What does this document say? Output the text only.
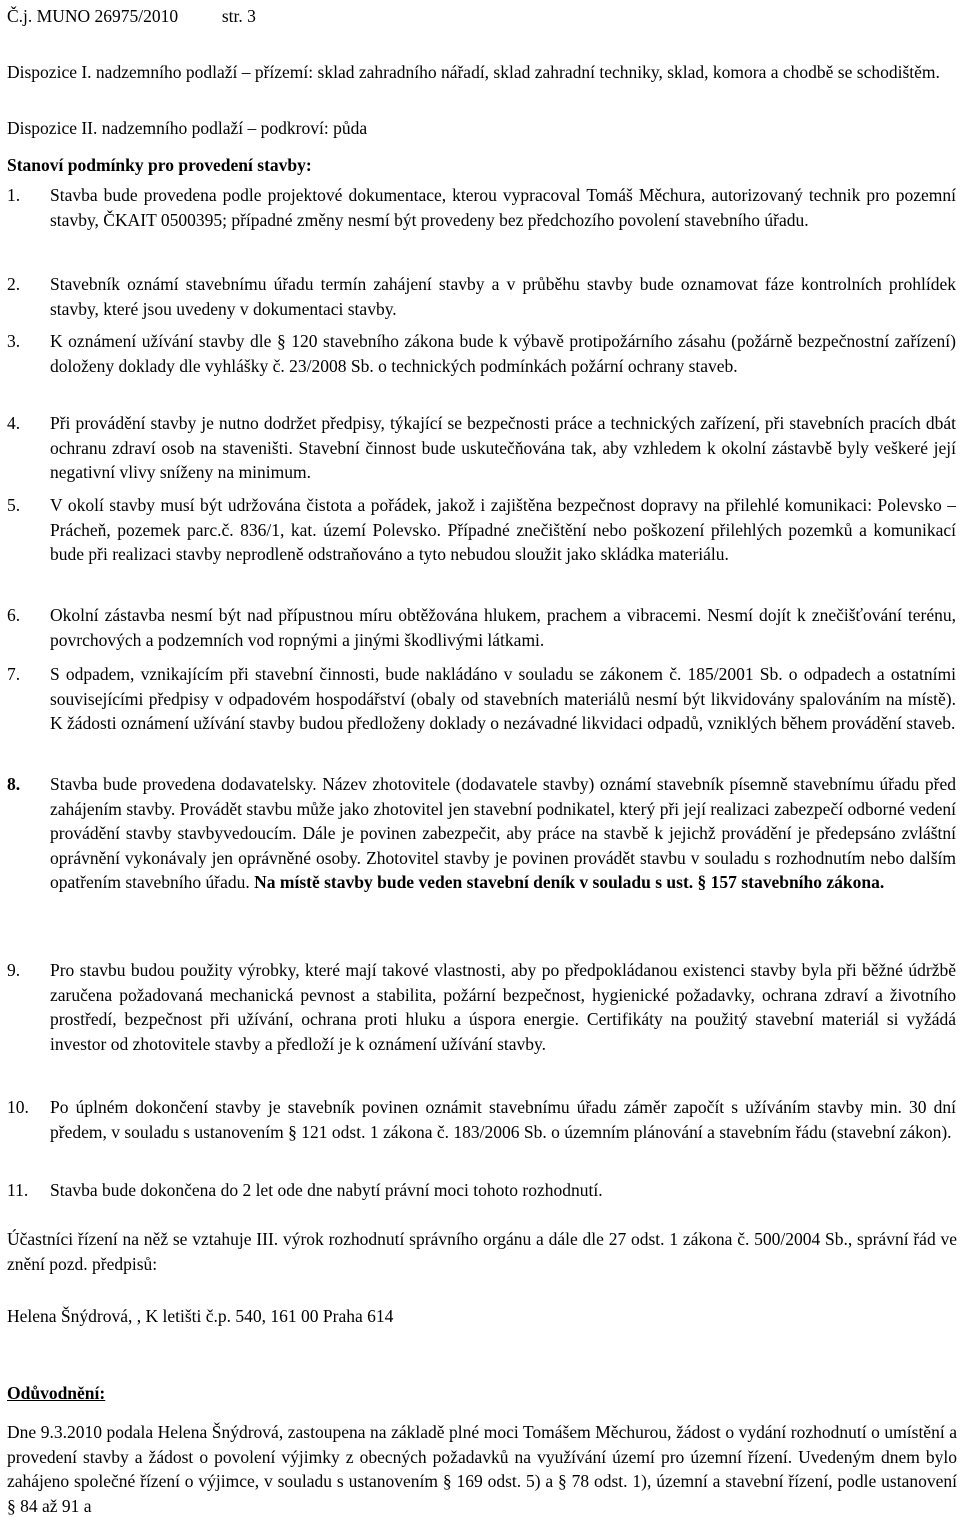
Č.j. MUNO 26975/2010	str. 3
Dispozice I. nadzemního podlaží – přízemí: sklad zahradního nářadí, sklad zahradní techniky, sklad, komora a chodbě se schodištěm.
Dispozice II. nadzemního podlaží – podkroví: půda
Stanoví podmínky pro provedení stavby:
1. Stavba bude provedena podle projektové dokumentace, kterou vypracoval Tomáš Měchura, autorizovaný technik pro pozemní stavby, ČKAIT 0500395; případné změny nesmí být provedeny bez předchozího povolení stavebního úřadu.
2. Stavebník oznámí stavebnímu úřadu termín zahájení stavby a v průběhu stavby bude oznamovat fáze kontrolních prohlídek stavby, které jsou uvedeny v dokumentaci stavby.
3. K oznámení užívání stavby dle § 120 stavebního zákona bude k výbavě protipožárního zásahu (požárně bezpečnostní zařízení) doloženy doklady dle vyhlášky č. 23/2008 Sb. o technických podmínkách požární ochrany staveb.
4. Při provádění stavby je nutno dodržet předpisy, týkající se bezpečnosti práce a technických zařízení, při stavebních pracích dbát ochranu zdraví osob na staveništi. Stavební činnost bude uskutečňována tak, aby vzhledem k okolní zástavbě byly veškeré její negativní vlivy sníženy na minimum.
5. V okolí stavby musí být udržována čistota a pořádek, jakož i zajištěna bezpečnost dopravy na přilehlé komunikaci: Polevsko – Prácheň, pozemek parc.č. 836/1, kat. území Polevsko. Případné znečištění nebo poškození přilehlých pozemků a komunikací bude při realizaci stavby neprodleně odstraňováno a tyto nebudou sloužit jako skládka materiálu.
6. Okolní zástavba nesmí být nad přípustnou míru obtěžována hlukem, prachem a vibracemi. Nesmí dojít k znečišťování terénu, povrchových a podzemních vod ropnými a jinými škodlivými látkami.
7. S odpadem, vznikajícím při stavební činnosti, bude nakládáno v souladu se zákonem č. 185/2001 Sb. o odpadech a ostatními souvisejícími předpisy v odpadovém hospodářství (obaly od stavebních materiálů nesmí být likvidovány spalováním na místě). K žádosti oznámení užívání stavby budou předloženy doklady o nezávadné likvidaci odpadů, vzniklých během provádění staveb.
8. Stavba bude provedena dodavatelsky. Název zhotovitele (dodavatele stavby) oznámí stavebník písemně stavebnímu úřadu před zahájením stavby. Provádět stavbu může jako zhotovitel jen stavební podnikatel, který při její realizaci zabezpečí odborné vedení provádění stavby stavbyvedoucím. Dále je povinen zabezpečit, aby práce na stavbě k jejichž provádění je předepsáno zvláštní oprávnění vykonávaly jen oprávněné osoby. Zhotovitel stavby je povinen provádět stavbu v souladu s rozhodnutím nebo dalším opatřením stavebního úřadu. Na místě stavby bude veden stavební deník v souladu s ust. § 157 stavebního zákona.
9. Pro stavbu budou použity výrobky, které mají takové vlastnosti, aby po předpokládanou existenci stavby byla při běžné údržbě zaručena požadovaná mechanická pevnost a stabilita, požární bezpečnost, hygienické požadavky, ochrana zdraví a životního prostředí, bezpečnost při užívání, ochrana proti hluku a úspora energie. Certifikáty na použitý stavební materiál si vyžádá investor od zhotovitele stavby a předloží je k oznámení užívání stavby.
10. Po úplném dokončení stavby je stavebník povinen oznámit stavebnímu úřadu záměr započít s užíváním stavby min. 30 dní předem, v souladu s ustanovením § 121 odst. 1 zákona č. 183/2006 Sb. o územním plánování a stavebním řádu (stavební zákon).
11. Stavba bude dokončena do 2 let ode dne nabytí právní moci tohoto rozhodnutí.
Účastníci řízení na něž se vztahuje III. výrok rozhodnutí správního orgánu a dále dle 27 odst. 1 zákona č. 500/2004 Sb., správní řád ve znění pozd. předpisů:
Helena Šnýdrová, , K letišti č.p. 540, 161 00 Praha 614
Odůvodnění:
Dne 9.3.2010 podala Helena Šnýdrová, zastoupena na základě plné moci Tomášem Měchurou, žádost o vydání rozhodnutí o umístění a provedení stavby a žádost o povolení výjimky z obecných požadavků na využívání území pro územní řízení. Uvedeným dnem bylo zahájeno společné řízení o výjimce, v souladu s ustanovením § 169 odst. 5) a § 78 odst. 1), územní a stavební řízení, podle ustanovení § 84 až 91 a
